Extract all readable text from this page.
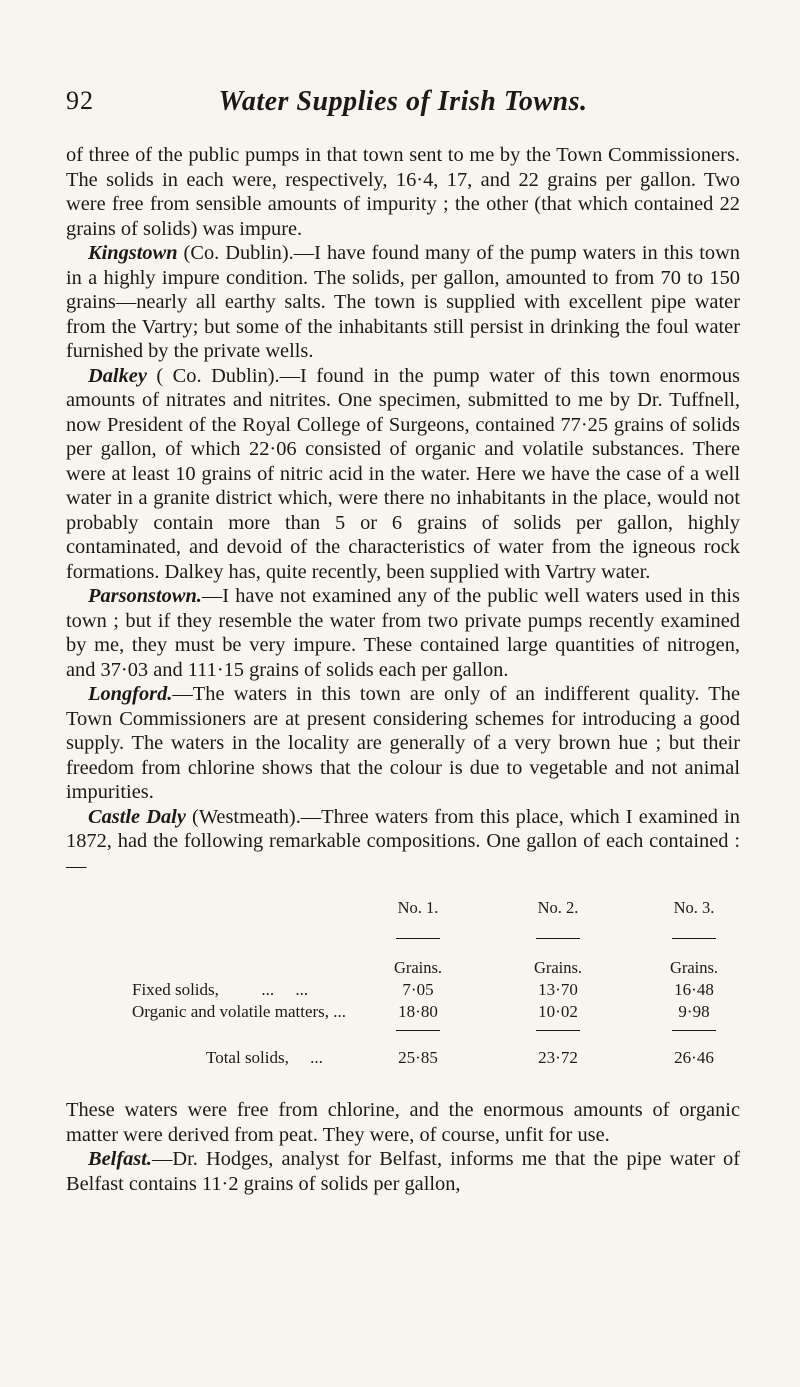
92	Water Supplies of Irish Towns.

of three of the public pumps in that town sent to me by the Town Commissioners. The solids in each were, respectively, 16·4, 17, and 22 grains per gallon. Two were free from sensible amounts of impurity ; the other (that which contained 22 grains of solids) was impure.

Kingstown (Co. Dublin).—I have found many of the pump waters in this town in a highly impure condition. The solids, per gallon, amounted to from 70 to 150 grains—nearly all earthy salts. The town is supplied with excellent pipe water from the Vartry; but some of the inhabitants still persist in drinking the foul water furnished by the private wells.

Dalkey ( Co. Dublin).—I found in the pump water of this town enormous amounts of nitrates and nitrites. One specimen, submitted to me by Dr. Tuffnell, now President of the Royal College of Surgeons, contained 77·25 grains of solids per gallon, of which 22·06 consisted of organic and volatile substances. There were at least 10 grains of nitric acid in the water. Here we have the case of a well water in a granite district which, were there no inhabitants in the place, would not probably contain more than 5 or 6 grains of solids per gallon, highly contaminated, and devoid of the characteristics of water from the igneous rock formations. Dalkey has, quite recently, been supplied with Vartry water.

Parsonstown.—I have not examined any of the public well waters used in this town ; but if they resemble the water from two private pumps recently examined by me, they must be very impure. These contained large quantities of nitrogen, and 37·03 and 111·15 grains of solids each per gallon.

Longford.—The waters in this town are only of an indifferent quality. The Town Commissioners are at present considering schemes for introducing a good supply. The waters in the locality are generally of a very brown hue ; but their freedom from chlorine shows that the colour is due to vegetable and not animal impurities.

Castle Daly (Westmeath).—Three waters from this place, which I examined in 1872, had the following remarkable compositions. One gallon of each contained :—

No. 1.	No. 2.	No. 3.
Grains.	Grains.	Grains.
Fixed solids,          ...     ...	7·05	13·70	16·48
Organic and volatile matters, ...	18·80	10·02	9·98
Total solids,     ...	25·85	23·72	26·46

These waters were free from chlorine, and the enormous amounts of organic matter were derived from peat. They were, of course, unfit for use.

Belfast.—Dr. Hodges, analyst for Belfast, informs me that the pipe water of Belfast contains 11·2 grains of solids per gallon,
